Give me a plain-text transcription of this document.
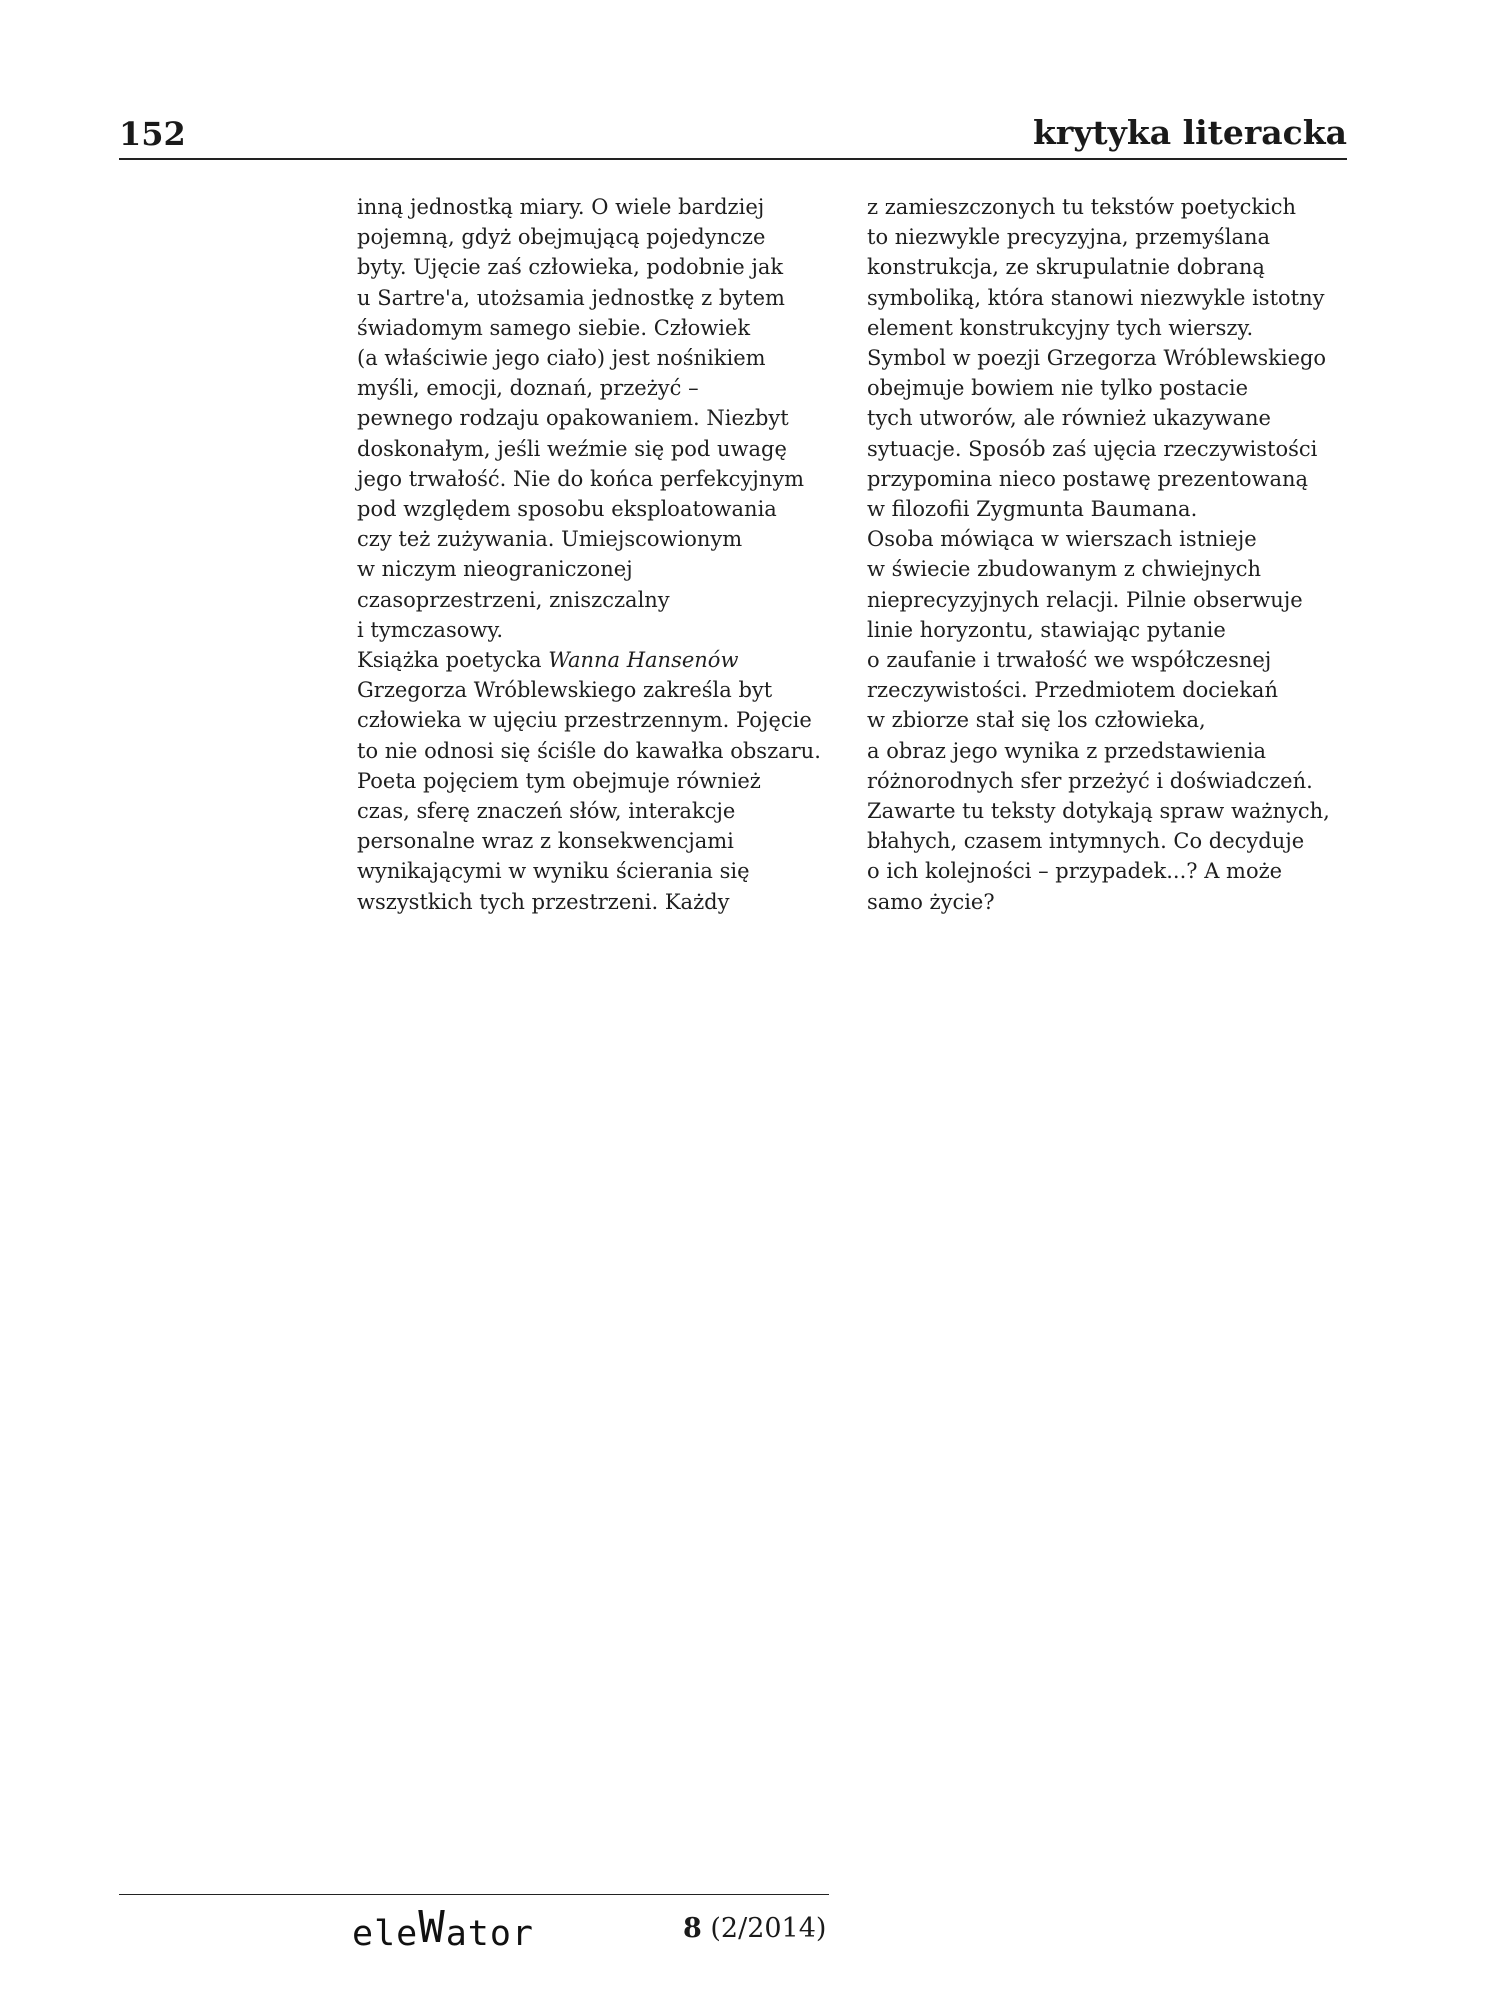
152	krytyka literacka
inną jednostką miary. O wiele bardziej
pojemną, gdyż obejmującą pojedyncze
byty. Ujęcie zaś człowieka, podobnie jak
u Sartre'a, utożsamia jednostkę z bytem
świadomym samego siebie. Człowiek
(a właściwie jego ciało) jest nośnikiem
myśli, emocji, doznań, przeżyć –
pewnego rodzaju opakowaniem. Niezbyt
doskonałym, jeśli weźmie się pod uwagę
jego trwałość. Nie do końca perfekcyjnym
pod względem sposobu eksploatowania
czy też zużywania. Umiejscowionym
w niczym nieograniczonej
czasoprzestrzeni, zniszczalny
i tymczasowy.
Książka poetycka Wanna Hansenów
Grzegorza Wróblewskiego zakreśla byt
człowieka w ujęciu przestrzennym. Pojęcie
to nie odnosi się ściśle do kawałka obszaru.
Poeta pojęciem tym obejmuje również
czas, sferę znaczeń słów, interakcje
personalne wraz z konsekwencjami
wynikającymi w wyniku ścierania się
wszystkich tych przestrzeni. Każdy
z zamieszczonych tu tekstów poetyckich
to niezwykle precyzyjna, przemyślana
konstrukcja, ze skrupulatnie dobraną
symboliką, która stanowi niezwykle istotny
element konstrukcyjny tych wierszy.
Symbol w poezji Grzegorza Wróblewskiego
obejmuje bowiem nie tylko postacie
tych utworów, ale również ukazywane
sytuacje. Sposób zaś ujęcia rzeczywistości
przypomina nieco postawę prezentowaną
w filozofii Zygmunta Baumana.
Osoba mówiąca w wierszach istnieje
w świecie zbudowanym z chwiejnych
nieprecyzyjnych relacji. Pilnie obserwuje
linie horyzontu, stawiając pytanie
o zaufanie i trwałość we współczesnej
rzeczywistości. Przedmiotem dociekań
w zbiorze stał się los człowieka,
a obraz jego wynika z przedstawienia
różnorodnych sfer przeżyć i doświadczeń.
Zawarte tu teksty dotykają spraw ważnych,
błahych, czasem intymnych. Co decyduje
o ich kolejności – przypadek...? A może
samo życie?
eleWator	8 (2/2014)
